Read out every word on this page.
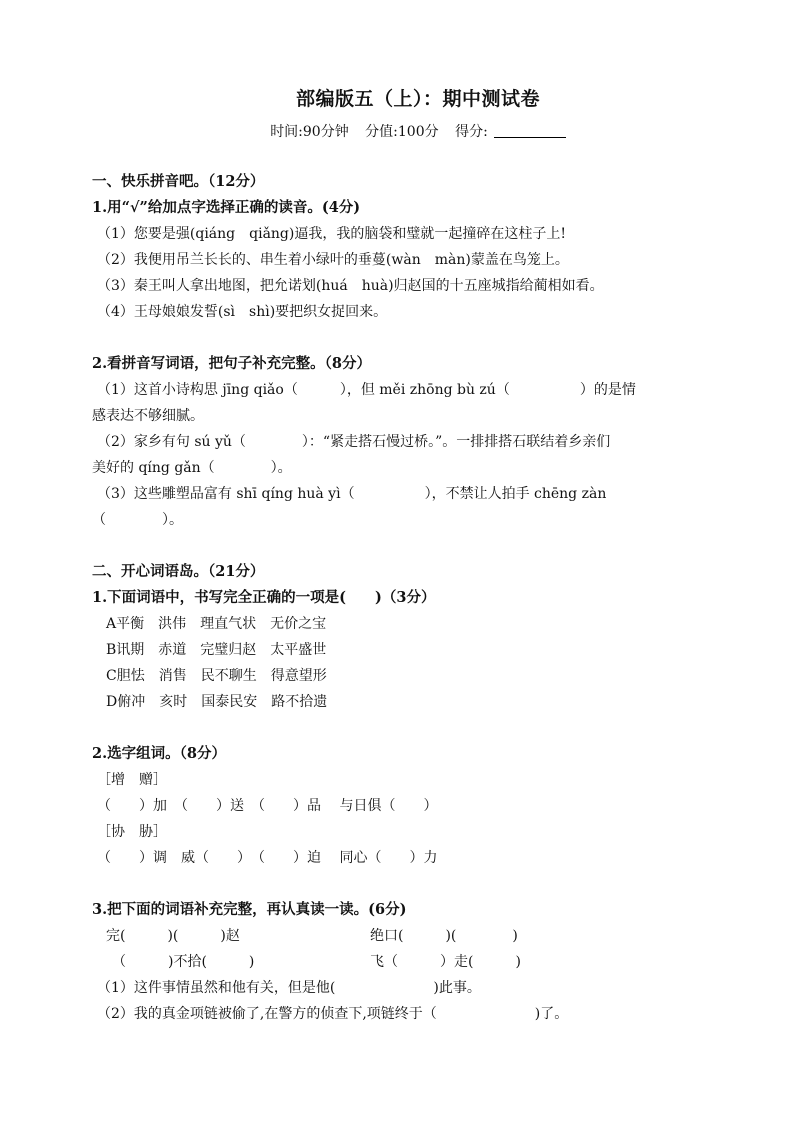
部编版五（上）：期中测试卷
时间:90分钟 分值:100分 得分:
一、快乐拼音吧。（12分）
1.用“√”给加点字选择正确的读音。(4分)
（1）您要是强(qiáng　qiǎng)逼我，我的脑袋和璧就一起撞碎在这柱子上!
（2）我便用吊兰长长的、串生着小绿叶的垂蔓(wàn　màn)蒙盖在鸟笼上。
（3）秦王叫人拿出地图，把允诺划(huá　huà)归赵国的十五座城指给蔺相如看。
（4）王母娘娘发誓(sì　shì)要把织女捉回来。
2.看拼音写词语，把句子补充完整。（8分）
（1）这首小诗构思 jīng qiǎo（　　　），但 měi zhōng bù zú（　　　　　）的是情
感表达不够细腻。
（2）家乡有句 sú yǔ（　　　　）：“紧走搭石慢过桥。”。一排排搭石联结着乡亲们
美好的 qíng gǎn（　　　　）。
（3）这些雕塑品富有 shī qíng huà yì（　　　　　），不禁让人拍手 chēng zàn
（　　　　）。
二、开心词语岛。（21分）
1.下面词语中，书写完全正确的一项是(　　)（3分）
A平衡 洪伟 理直气状 无价之宝
B讯期 赤道 完璧归赵 太平盛世
C胆怯 消售 民不聊生 得意望形
D俯冲 亥时 国泰民安 路不拾遗
2.选字组词。（8分）
［增　赠］
（　　）加　（　　）送　（　　）品　 与日俱（　　）
［协　胁］
（　　）调　威（　　）　（　　）迫　 同心（　　）力
3.把下面的词语补充完整，再认真读一读。(6分)
完(　　　)(　　　)赵	绝口(　　　)(　　　　)
（　　　)不拾(　　　)	飞（　　　）走(　　　)
（1）这件事情虽然和他有关，但是他(　　　　　　　)此事。
（2）我的真金项链被偷了,在警方的侦查下,项链终于（　　　　　　　)了。
